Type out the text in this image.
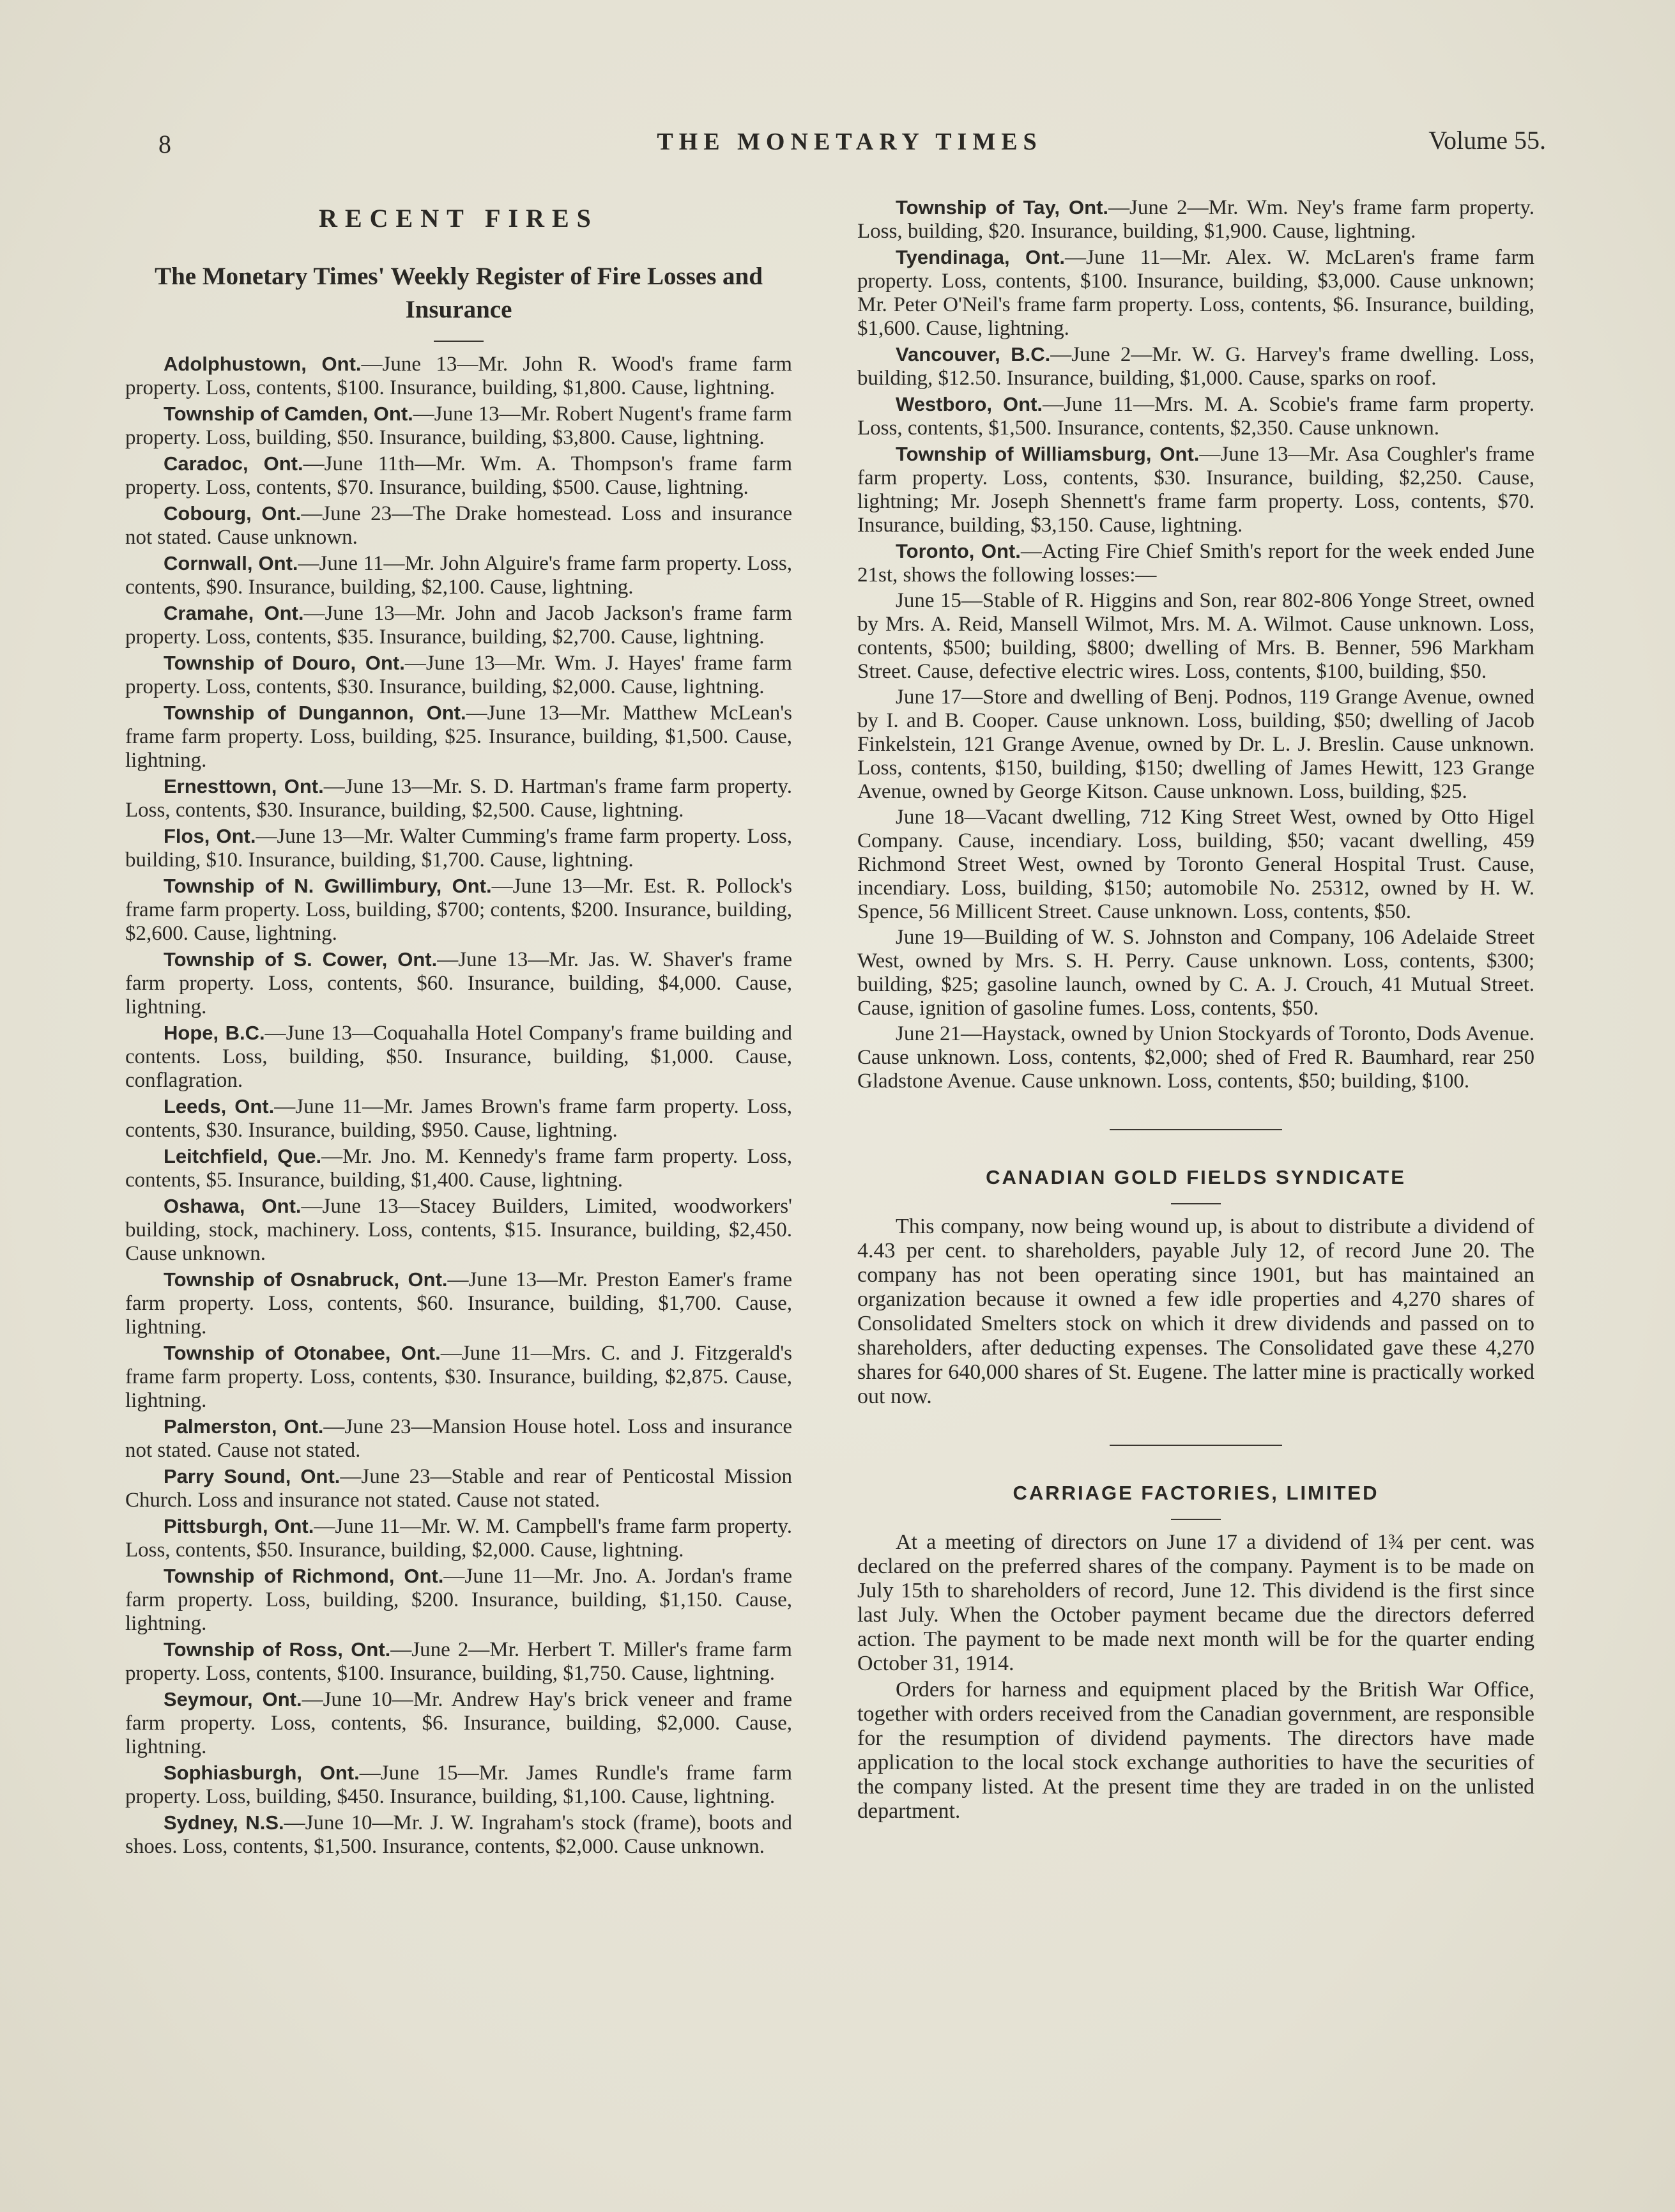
8	THE MONETARY TIMES	Volume 55.
RECENT FIRES
The Monetary Times' Weekly Register of Fire Losses and Insurance

Adolphustown, Ont.—June 13—Mr. John R. Wood's frame farm property. Loss, contents, $100. Insurance, building, $1,800. Cause, lightning.

Township of Camden, Ont.—June 13—Mr. Robert Nugent's frame farm property. Loss, building, $50. Insurance, building, $3,800. Cause, lightning.

Caradoc, Ont.—June 11th—Mr. Wm. A. Thompson's frame farm property. Loss, contents, $70. Insurance, building, $500. Cause, lightning.

Cobourg, Ont.—June 23—The Drake homestead. Loss and insurance not stated. Cause unknown.

Cornwall, Ont.—June 11—Mr. John Alguire's frame farm property. Loss, contents, $90. Insurance, building, $2,100. Cause, lightning.

Cramahe, Ont.—June 13—Mr. John and Jacob Jackson's frame farm property. Loss, contents, $35. Insurance, building, $2,700. Cause, lightning.

Township of Douro, Ont.—June 13—Mr. Wm. J. Hayes' frame farm property. Loss, contents, $30. Insurance, building, $2,000. Cause, lightning.

Township of Dungannon, Ont.—June 13—Mr. Matthew McLean's frame farm property. Loss, building, $25. Insurance, building, $1,500. Cause, lightning.

Ernesttown, Ont.—June 13—Mr. S. D. Hartman's frame farm property. Loss, contents, $30. Insurance, building, $2,500. Cause, lightning.

Flos, Ont.—June 13—Mr. Walter Cumming's frame farm property. Loss, building, $10. Insurance, building, $1,700. Cause, lightning.

Township of N. Gwillimbury, Ont.—June 13—Mr. Est. R. Pollock's frame farm property. Loss, building, $700; contents, $200. Insurance, building, $2,600. Cause, lightning.

Township of S. Cower, Ont.—June 13—Mr. Jas. W. Shaver's frame farm property. Loss, contents, $60. Insurance, building, $4,000. Cause, lightning.

Hope, B.C.—June 13—Coquahalla Hotel Company's frame building and contents. Loss, building, $50. Insurance, building, $1,000. Cause, conflagration.

Leeds, Ont.—June 11—Mr. James Brown's frame farm property. Loss, contents, $30. Insurance, building, $950. Cause, lightning.

Leitchfield, Que.—Mr. Jno. M. Kennedy's frame farm property. Loss, contents, $5. Insurance, building, $1,400. Cause, lightning.

Oshawa, Ont.—June 13—Stacey Builders, Limited, woodworkers' building, stock, machinery. Loss, contents, $15. Insurance, building, $2,450. Cause unknown.

Township of Osnabruck, Ont.—June 13—Mr. Preston Eamer's frame farm property. Loss, contents, $60. Insurance, building, $1,700. Cause, lightning.

Township of Otonabee, Ont.—June 11—Mrs. C. and J. Fitzgerald's frame farm property. Loss, contents, $30. Insurance, building, $2,875. Cause, lightning.

Palmerston, Ont.—June 23—Mansion House hotel. Loss and insurance not stated. Cause not stated.

Parry Sound, Ont.—June 23—Stable and rear of Penticostal Mission Church. Loss and insurance not stated. Cause not stated.

Pittsburgh, Ont.—June 11—Mr. W. M. Campbell's frame farm property. Loss, contents, $50. Insurance, building, $2,000. Cause, lightning.

Township of Richmond, Ont.—June 11—Mr. Jno. A. Jordan's frame farm property. Loss, building, $200. Insurance, building, $1,150. Cause, lightning.

Township of Ross, Ont.—June 2—Mr. Herbert T. Miller's frame farm property. Loss, contents, $100. Insurance, building, $1,750. Cause, lightning.

Seymour, Ont.—June 10—Mr. Andrew Hay's brick veneer and frame farm property. Loss, contents, $6. Insurance, building, $2,000. Cause, lightning.

Sophiasburgh, Ont.—June 15—Mr. James Rundle's frame farm property. Loss, building, $450. Insurance, building, $1,100. Cause, lightning.

Sydney, N.S.—June 10—Mr. J. W. Ingraham's stock (frame), boots and shoes. Loss, contents, $1,500. Insurance, contents, $2,000. Cause unknown.

Township of Tay, Ont.—June 2—Mr. Wm. Ney's frame farm property. Loss, building, $20. Insurance, building, $1,900. Cause, lightning.

Tyendinaga, Ont.—June 11—Mr. Alex. W. McLaren's frame farm property. Loss, contents, $100. Insurance, building, $3,000. Cause unknown; Mr. Peter O'Neil's frame farm property. Loss, contents, $6. Insurance, building, $1,600. Cause, lightning.

Vancouver, B.C.—June 2—Mr. W. G. Harvey's frame dwelling. Loss, building, $12.50. Insurance, building, $1,000. Cause, sparks on roof.

Westboro, Ont.—June 11—Mrs. M. A. Scobie's frame farm property. Loss, contents, $1,500. Insurance, contents, $2,350. Cause unknown.

Township of Williamsburg, Ont.—June 13—Mr. Asa Coughler's frame farm property. Loss, contents, $30. Insurance, building, $2,250. Cause, lightning; Mr. Joseph Shennett's frame farm property. Loss, contents, $70. Insurance, building, $3,150. Cause, lightning.

Toronto, Ont.—Acting Fire Chief Smith's report for the week ended June 21st, shows the following losses:—

June 15—Stable of R. Higgins and Son, rear 802-806 Yonge Street, owned by Mrs. A. Reid, Mansell Wilmot, Mrs. M. A. Wilmot. Cause unknown. Loss, contents, $500; building, $800; dwelling of Mrs. B. Benner, 596 Markham Street. Cause, defective electric wires. Loss, contents, $100, building, $50.

June 17—Store and dwelling of Benj. Podnos, 119 Grange Avenue, owned by I. and B. Cooper. Cause unknown. Loss, building, $50; dwelling of Jacob Finkelstein, 121 Grange Avenue, owned by Dr. L. J. Breslin. Cause unknown. Loss, contents, $150, building, $150; dwelling of James Hewitt, 123 Grange Avenue, owned by George Kitson. Cause unknown. Loss, building, $25.

June 18—Vacant dwelling, 712 King Street West, owned by Otto Higel Company. Cause, incendiary. Loss, building, $50; vacant dwelling, 459 Richmond Street West, owned by Toronto General Hospital Trust. Cause, incendiary. Loss, building, $150; automobile No. 25312, owned by H. W. Spence, 56 Millicent Street. Cause unknown. Loss, contents, $50.

June 19—Building of W. S. Johnston and Company, 106 Adelaide Street West, owned by Mrs. S. H. Perry. Cause unknown. Loss, contents, $300; building, $25; gasoline launch, owned by C. A. J. Crouch, 41 Mutual Street. Cause, ignition of gasoline fumes. Loss, contents, $50.

June 21—Haystack, owned by Union Stockyards of Toronto, Dods Avenue. Cause unknown. Loss, contents, $2,000; shed of Fred R. Baumhard, rear 250 Gladstone Avenue. Cause unknown. Loss, contents, $50; building, $100.

CANADIAN GOLD FIELDS SYNDICATE

This company, now being wound up, is about to distribute a dividend of 4.43 per cent. to shareholders, payable July 12, of record June 20. The company has not been operating since 1901, but has maintained an organization because it owned a few idle properties and 4,270 shares of Consolidated Smelters stock on which it drew dividends and passed on to shareholders, after deducting expenses. The Consolidated gave these 4,270 shares for 640,000 shares of St. Eugene. The latter mine is practically worked out now.

CARRIAGE FACTORIES, LIMITED

At a meeting of directors on June 17 a dividend of 1¾ per cent. was declared on the preferred shares of the company. Payment is to be made on July 15th to shareholders of record, June 12. This dividend is the first since last July. When the October payment became due the directors deferred action. The payment to be made next month will be for the quarter ending October 31, 1914.

Orders for harness and equipment placed by the British War Office, together with orders received from the Canadian government, are responsible for the resumption of dividend payments. The directors have made application to the local stock exchange authorities to have the securities of the company listed. At the present time they are traded in on the unlisted department.
